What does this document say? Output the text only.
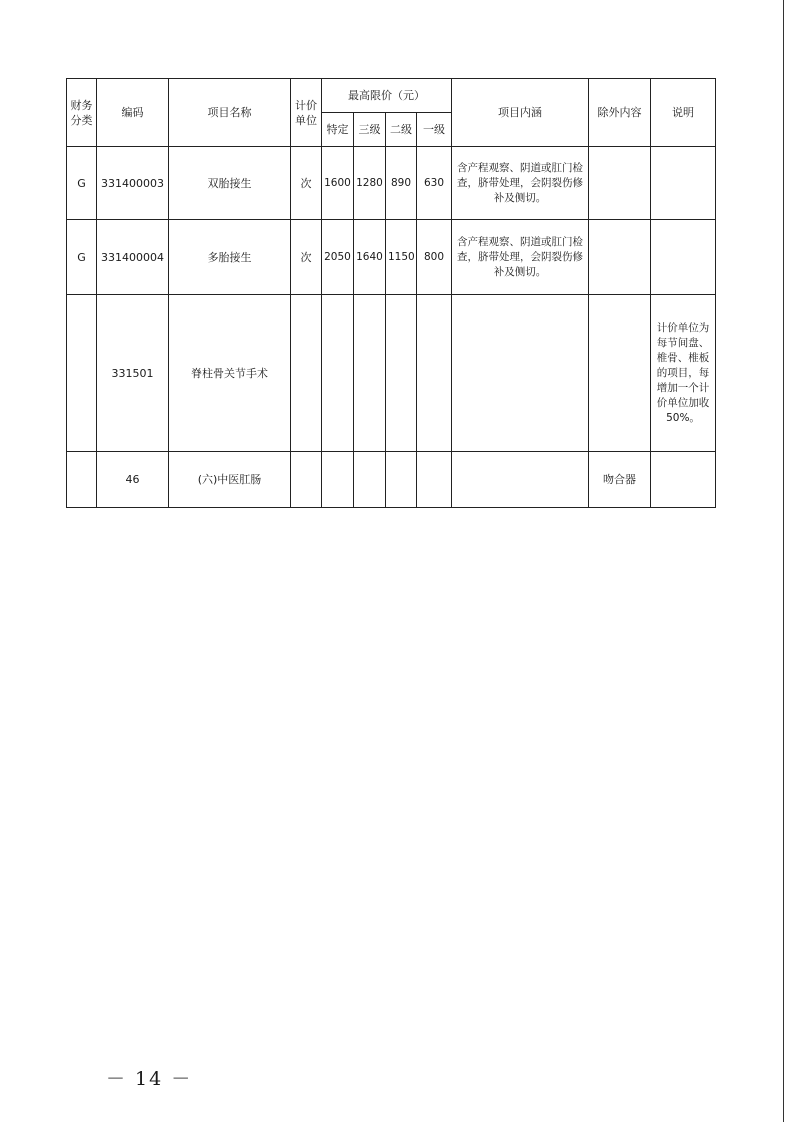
财务分类	编码	项目名称	计价单位	最高限价（元）				项目内涵	除外内容	说明
				特定	三级	二级	一级			
G	331400003	双胎接生	次	1600	1280	890	630	含产程观察、阴道或肛门检查，脐带处理，会阴裂伤修补及侧切。		
G	331400004	多胎接生	次	2050	1640	1150	800	含产程观察、阴道或肛门检查，脐带处理，会阴裂伤修补及侧切。		
	331501	脊柱骨关节手术								计价单位为每节间盘、椎骨、椎板的项目，每增加一个计价单位加收50%。
	46	(六)中医肛肠							吻合器	
－ 14 －
